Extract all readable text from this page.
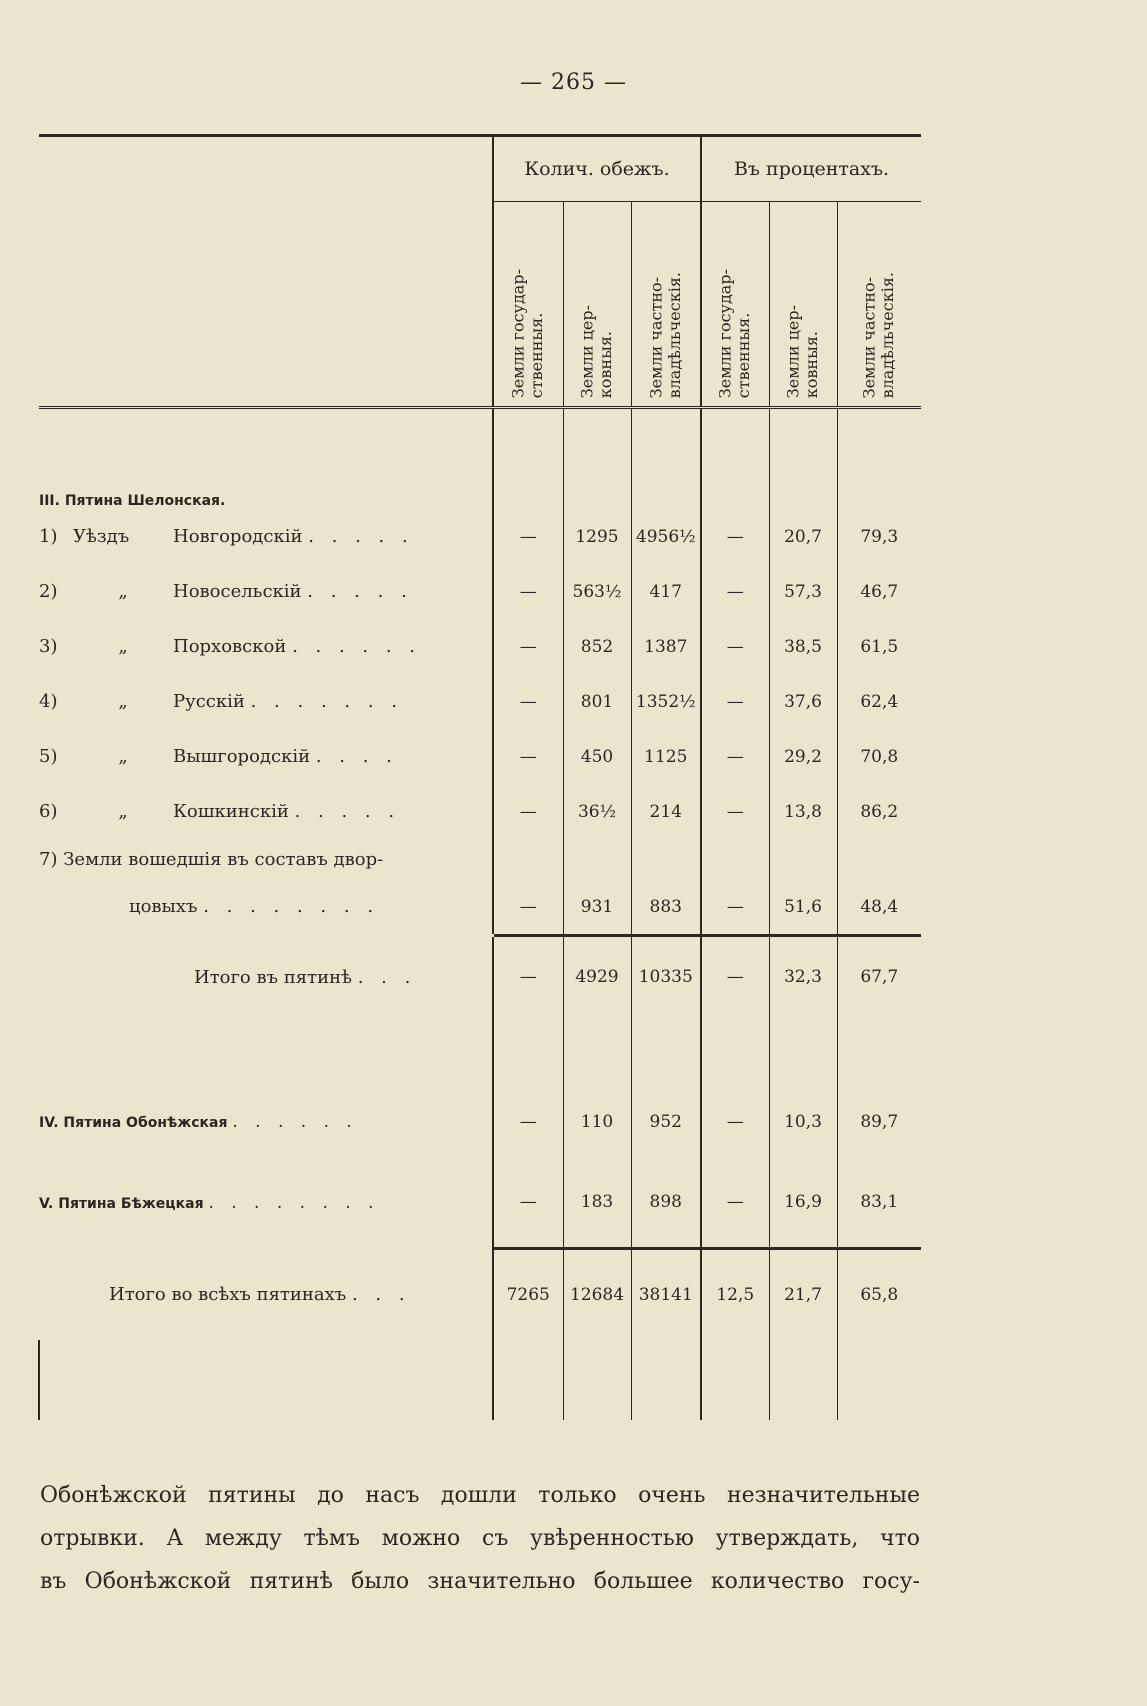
— 265 —
	Колич. обежъ.			Въ процентахъ.		

	Земли государ-
ственныя.	Земли цер-
ковныя.	Земли частно-
владѣльческія.	Земли государ-
ственныя.	Земли цер-
ковныя.	Земли частно-
владѣльческія.

III. Пятина Шелонская.						
1) Уѣздъ Новгородскій . . . . .	—	1295	4956½	—	20,7	79,3
2) „ Новосельскій . . . . .	—	563½	417	—	57,3	46,7
3) „ Порховской . . . . . .	—	852	1387	—	38,5	61,5
4) „ Русскій . . . . . . .	—	801	1352½	—	37,6	62,4
5) „ Вышгородскій . . . .	—	450	1125	—	29,2	70,8
6) „ Кошкинскій . . . . .	—	36½	214	—	13,8	86,2
7) Земли вошедшія въ составъ двор-						
цовыхъ . . . . . . . .	—	931	883	—	51,6	48,4
Итого въ пятинѣ . . .	—	4929	10335	—	32,3	67,7

IV. Пятина Обонѣжская . . . . . .	—	110	952	—	10,3	89,7
V. Пятина Бѣжецкая . . . . . . . .	—	183	898	—	16,9	83,1
Итого во всѣхъ пятинахъ . . .	7265	12684	38141	12,5	21,7	65,8

Обонѣжской пятины до насъ дошли только очень незначительные

отрывки. А между тѣмъ можно съ увѣренностью утверждать, что

въ Обонѣжской пятинѣ было значительно большее количество госу-
